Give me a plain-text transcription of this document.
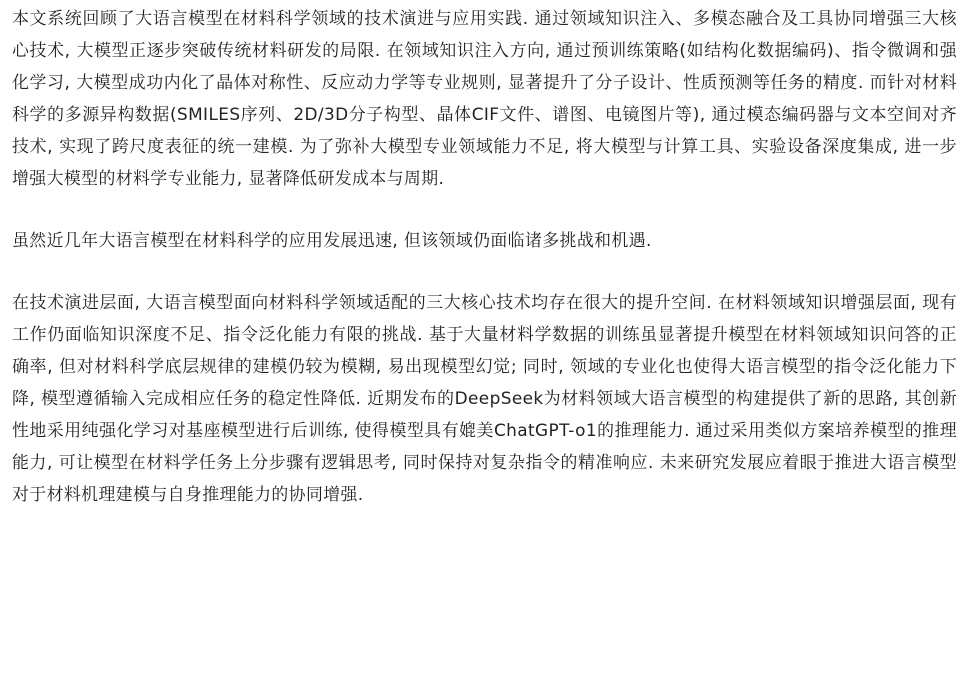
本文系统回顾了大语言模型在材料科学领域的技术演进与应用实践. 通过领域知识注入、多模态融合及工具协同增强三大核心技术, 大模型正逐步突破传统材料研发的局限. 在领域知识注入方向, 通过预训练策略(如结构化数据编码)、指令微调和强化学习, 大模型成功内化了晶体对称性、反应动力学等专业规则, 显著提升了分子设计、性质预测等任务的精度. 而针对材料科学的多源异构数据(SMILES序列、2D/3D分子构型、晶体CIF文件、谱图、电镜图片等), 通过模态编码器与文本空间对齐技术, 实现了跨尺度表征的统一建模. 为了弥补大模型专业领域能力不足, 将大模型与计算工具、实验设备深度集成, 进一步增强大模型的材料学专业能力, 显著降低研发成本与周期.

虽然近几年大语言模型在材料科学的应用发展迅速, 但该领域仍面临诸多挑战和机遇.

在技术演进层面, 大语言模型面向材料科学领域适配的三大核心技术均存在很大的提升空间. 在材料领域知识增强层面, 现有工作仍面临知识深度不足、指令泛化能力有限的挑战. 基于大量材料学数据的训练虽显著提升模型在材料领域知识问答的正确率, 但对材料科学底层规律的建模仍较为模糊, 易出现模型幻觉; 同时, 领域的专业化也使得大语言模型的指令泛化能力下降, 模型遵循输入完成相应任务的稳定性降低. 近期发布的DeepSeek为材料领域大语言模型的构建提供了新的思路, 其创新性地采用纯强化学习对基座模型进行后训练, 使得模型具有媲美ChatGPT-o1的推理能力. 通过采用类似方案培养模型的推理能力, 可让模型在材料学任务上分步骤有逻辑思考, 同时保持对复杂指令的精准响应. 未来研究发展应着眼于推进大语言模型对于材料机理建模与自身推理能力的协同增强.
